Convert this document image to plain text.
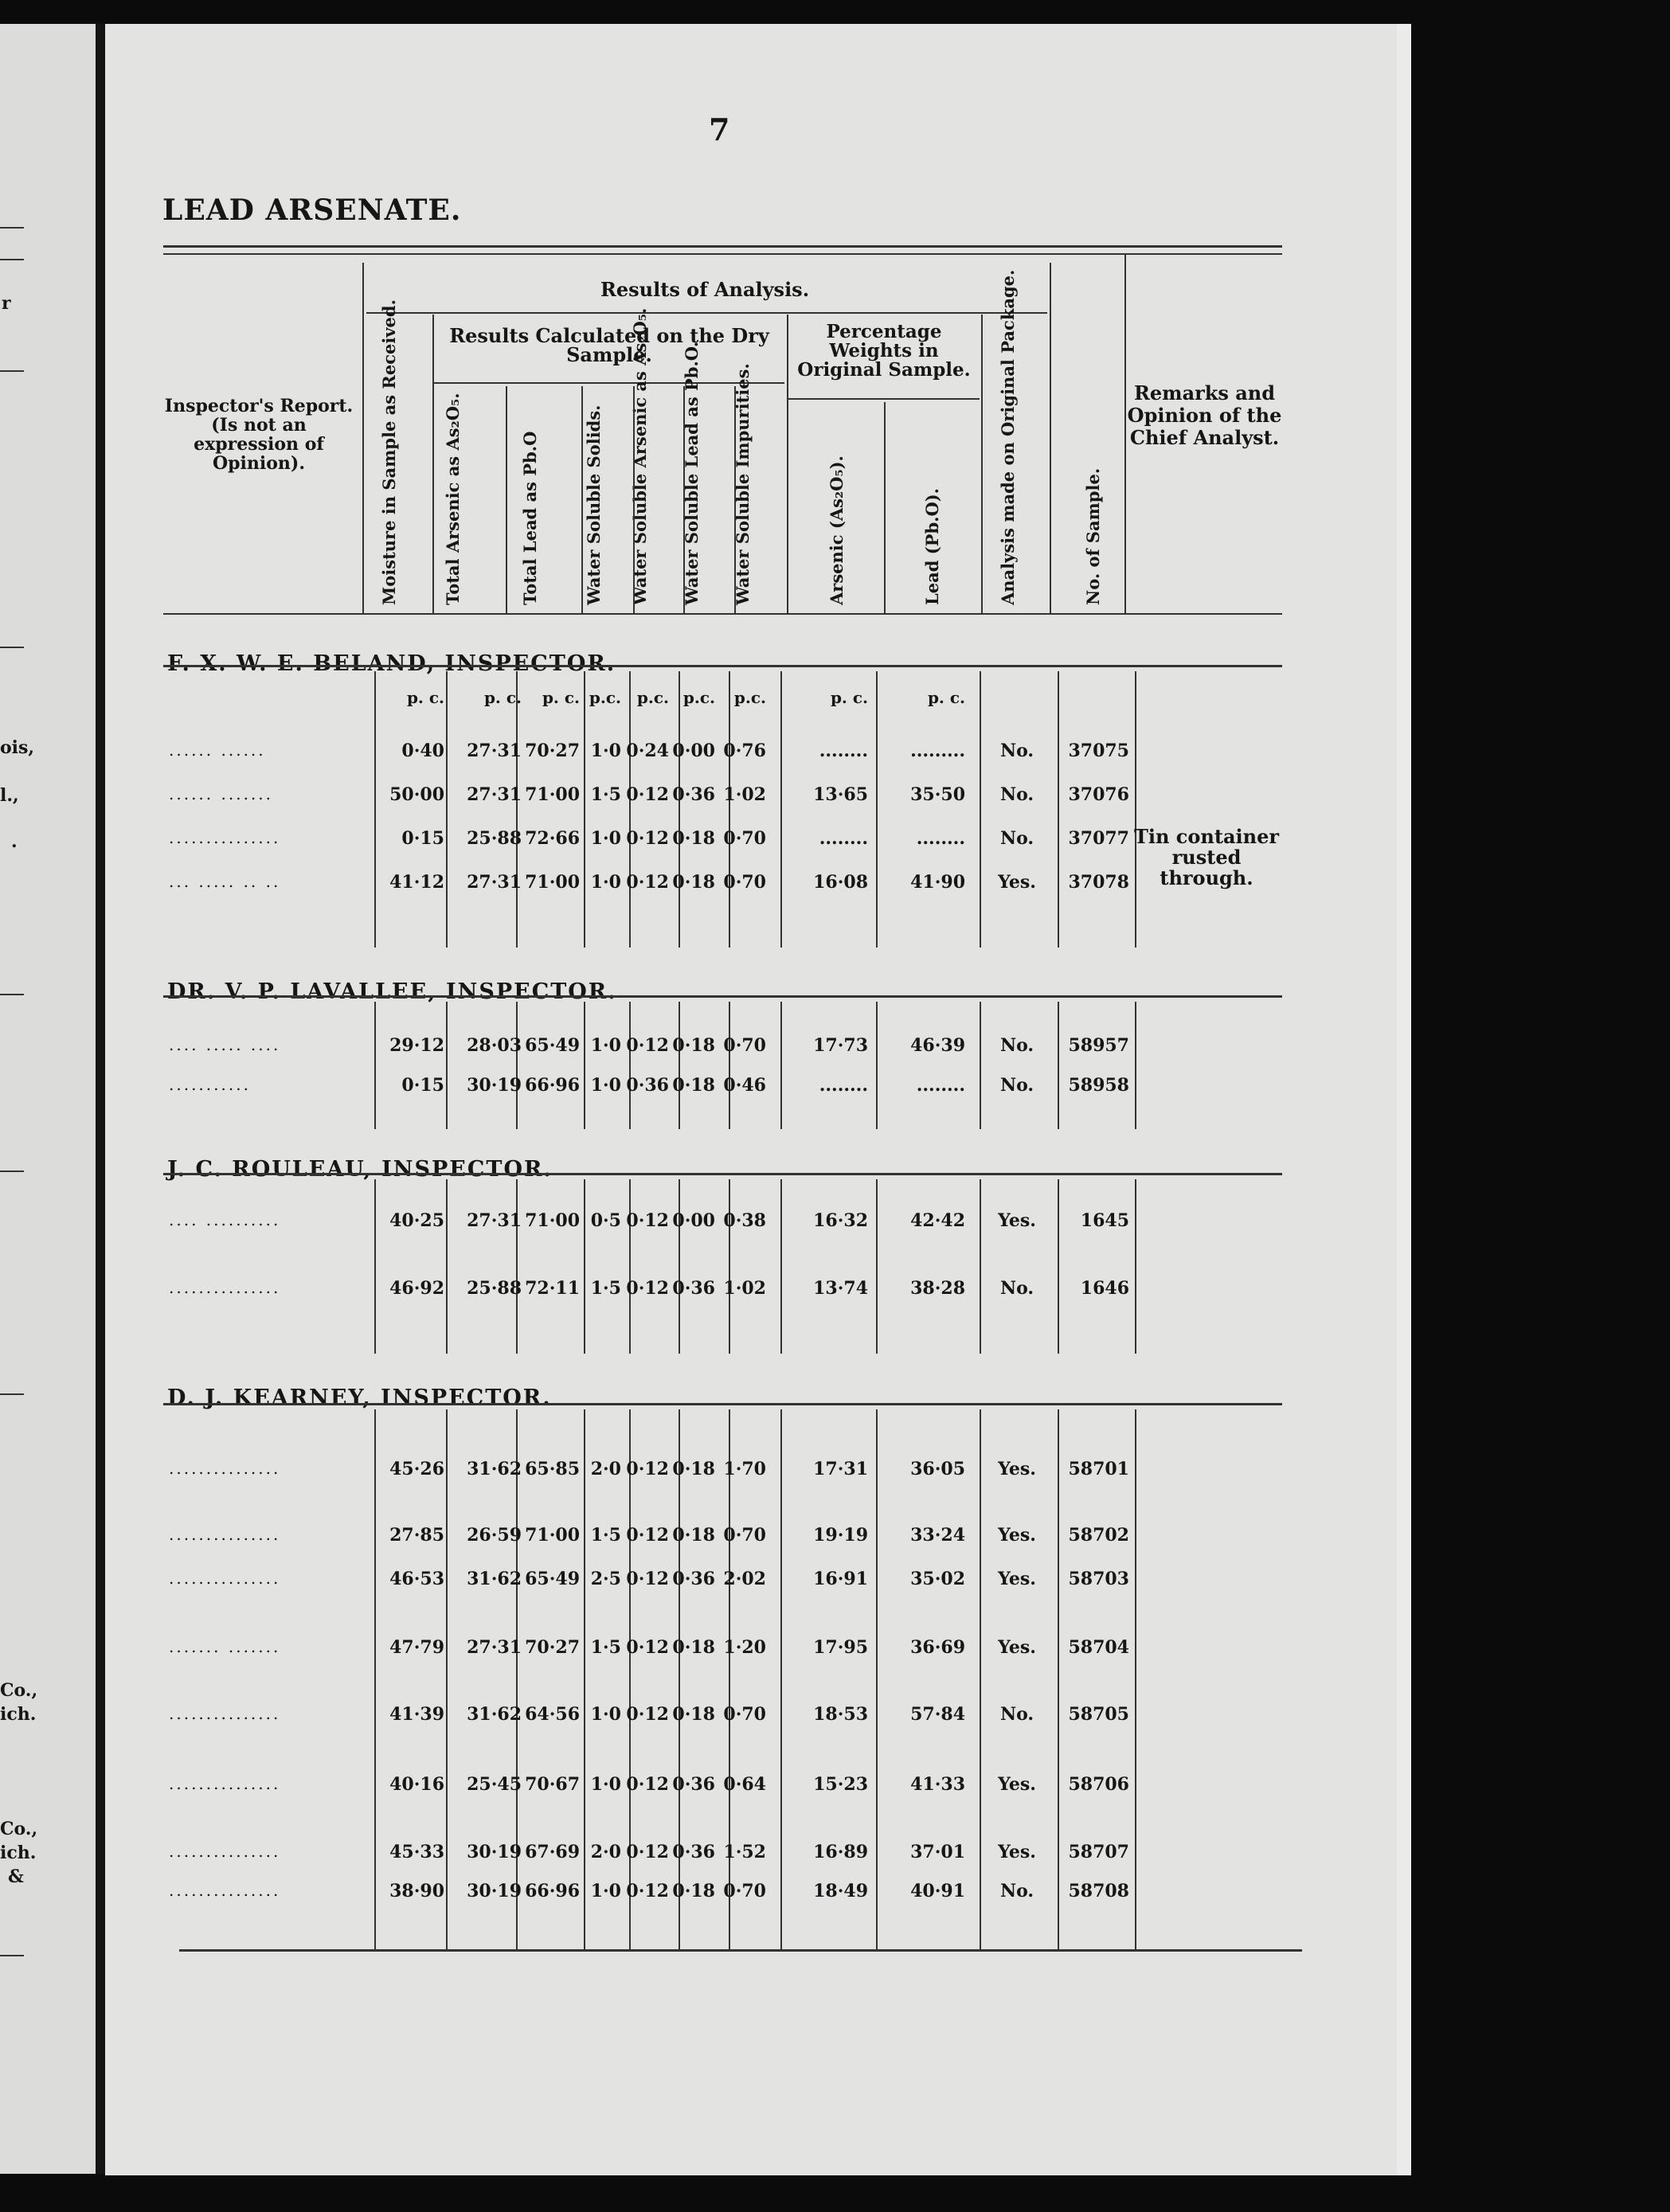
r
ois,
l.,
.
Co.,
ich.
Co.,
ich.
&
7
LEAD ARSENATE.
Inspector's Report. (Is not an expression of Opinion).
Results of Analysis.
Results Calculated on the Dry Sample.
Percentage Weights in Original Sample.
Remarks and Opinion of the Chief Analyst.
Moisture in Sample as Received.	Total Arsenic as As₂O₅.	Total Lead as Pb.O	Water Soluble Solids. Water Soluble Arsenic as As₂O₅. Water Soluble Lead as Pb.O. Water Soluble Impurities.	Arsenic (As₂O₅).	Lead (Pb.O).	Analysis made on Original Package.	No. of Sample.
F. X. W. E. BELAND, INSPECTOR.
p. c.	p. c.	p. c. p.c. p.c. p.c.	p.c.	p. c.	p. c.
...... ......	0·40	27·31 70·27 1·0 0·24 0·00 0·76	........	.........	No.	37075
...... .......	50·00	27·31 71·00 1·5 0·12 0·36 1·02	13·65	35·50	No.	37076
...............	0·15	25·88 72·66 1·0 0·12 0·18 0·70	........	........	No.	37077 Tin container rusted through.
... ..... .. ..	41·12	27·31 71·00 1·0 0·12 0·18 0·70	16·08	41·90	Yes.	37078
DR. V. P. LAVALLEE, INSPECTOR.
.... ..... ....	29·12	28·03 65·49 1·0 0·12 0·18 0·70	17·73	46·39	No.	58957
...........	0·15	30·19 66·96 1·0 0·36 0·18 0·46	........	........	No.	58958
J. C. ROULEAU, INSPECTOR.
.... ..........	40·25	27·31 71·00 0·5 0·12 0·00 0·38	16·32	42·42	Yes.	1645
...............	46·92	25·88 72·11 1·5 0·12 0·36 1·02	13·74	38·28	No.	1646
D. J. KEARNEY, INSPECTOR.
...............	45·26	31·62 65·85 2·0 0·12 0·18 1·70	17·31	36·05	Yes.	58701
...............	27·85	26·59 71·00 1·5 0·12 0·18 0·70	19·19	33·24	Yes.	58702
...............	46·53	31·62 65·49 2·5 0·12 0·36 2·02	16·91	35·02	Yes.	58703
....... .......	47·79	27·31 70·27 1·5 0·12 0·18 1·20	17·95	36·69	Yes.	58704
...............	41·39	31·62 64·56 1·0 0·12 0·18 0·70	18·53	57·84	No.	58705
...............	40·16	25·45 70·67 1·0 0·12 0·36 0·64	15·23	41·33	Yes.	58706
...............	45·33	30·19 67·69 2·0 0·12 0·36 1·52	16·89	37·01	Yes.	58707
...............	38·90	30·19 66·96 1·0 0·12 0·18 0·70	18·49	40·91	No.	58708
